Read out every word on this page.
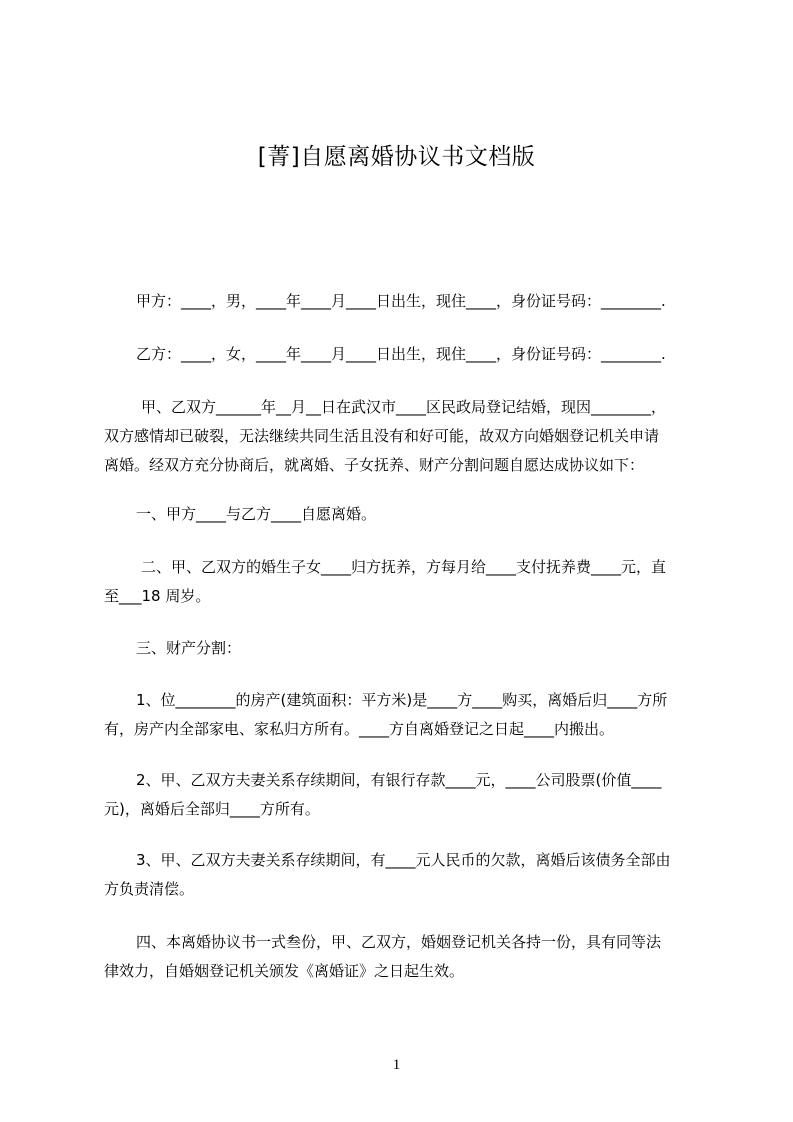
[菁]自愿离婚协议书文档版

甲方：____，男，____年____月____日出生，现住____，身份证号码：________.

乙方：____，女，____年____月____日出生，现住____，身份证号码：________.

甲、乙双方______年__月__日在武汉市____区民政局登记结婚，现因________，
双方感情却已破裂，无法继续共同生活且没有和好可能，故双方向婚姻登记机关申请
离婚。经双方充分协商后，就离婚、子女抚养、财产分割问题自愿达成协议如下：

一、甲方____与乙方____自愿离婚。

二、甲、乙双方的婚生子女____归方抚养，方每月给____支付抚养费____元，直
至___18 周岁。

三、财产分割：

1、位________的房产(建筑面积：平方米)是____方____购买，离婚后归____方所
有，房产内全部家电、家私归方所有。____方自离婚登记之日起____内搬出。

2、甲、乙双方夫妻关系存续期间，有银行存款____元，____公司股票(价值____
元)，离婚后全部归____方所有。

3、甲、乙双方夫妻关系存续期间，有____元人民币的欠款，离婚后该债务全部由
方负责清偿。

四、本离婚协议书一式叁份，甲、乙双方，婚姻登记机关各持一份，具有同等法
律效力，自婚姻登记机关颁发《离婚证》之日起生效。

1
